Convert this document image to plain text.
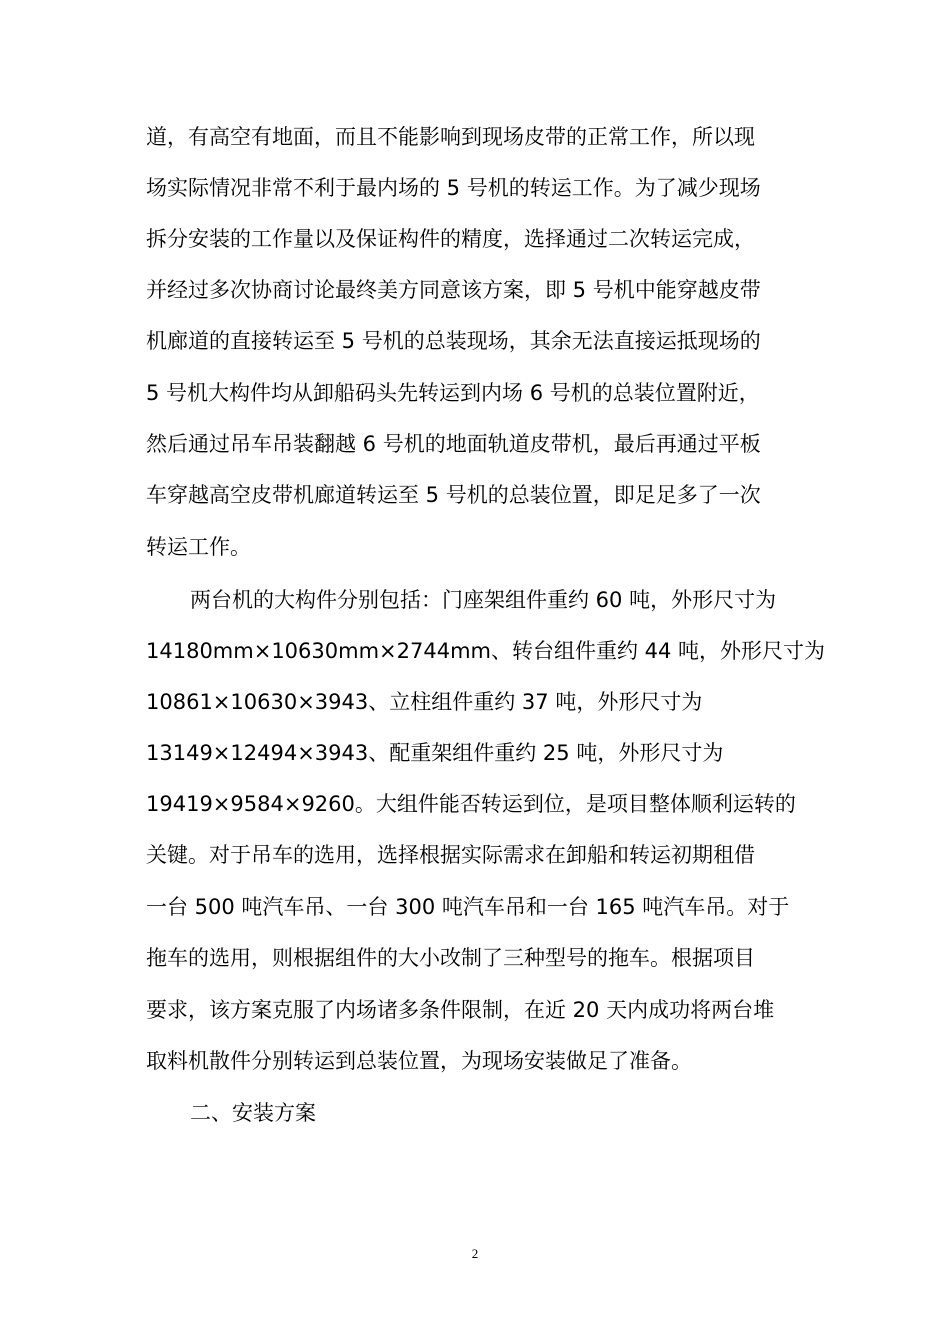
道，有高空有地面，而且不能影响到现场皮带的正常工作，所以现
场实际情况非常不利于最内场的 5 号机的转运工作。为了减少现场
拆分安装的工作量以及保证构件的精度，选择通过二次转运完成，
并经过多次协商讨论最终美方同意该方案，即 5 号机中能穿越皮带
机廊道的直接转运至 5 号机的总装现场，其余无法直接运抵现场的
5 号机大构件均从卸船码头先转运到内场 6 号机的总装位置附近，
然后通过吊车吊装翻越 6 号机的地面轨道皮带机，最后再通过平板
车穿越高空皮带机廊道转运至 5 号机的总装位置，即足足多了一次
转运工作。
两台机的大构件分别包括：门座架组件重约 60 吨，外形尺寸为
14180mm×10630mm×2744mm、转台组件重约 44 吨，外形尺寸为
10861×10630×3943、立柱组件重约 37 吨，外形尺寸为
13149×12494×3943、配重架组件重约 25 吨，外形尺寸为
19419×9584×9260。大组件能否转运到位，是项目整体顺利运转的
关键。对于吊车的选用，选择根据实际需求在卸船和转运初期租借
一台 500 吨汽车吊、一台 300 吨汽车吊和一台 165 吨汽车吊。对于
拖车的选用，则根据组件的大小改制了三种型号的拖车。根据项目
要求，该方案克服了内场诸多条件限制，在近 20 天内成功将两台堆
取料机散件分别转运到总装位置，为现场安装做足了准备。
二、安装方案
2
